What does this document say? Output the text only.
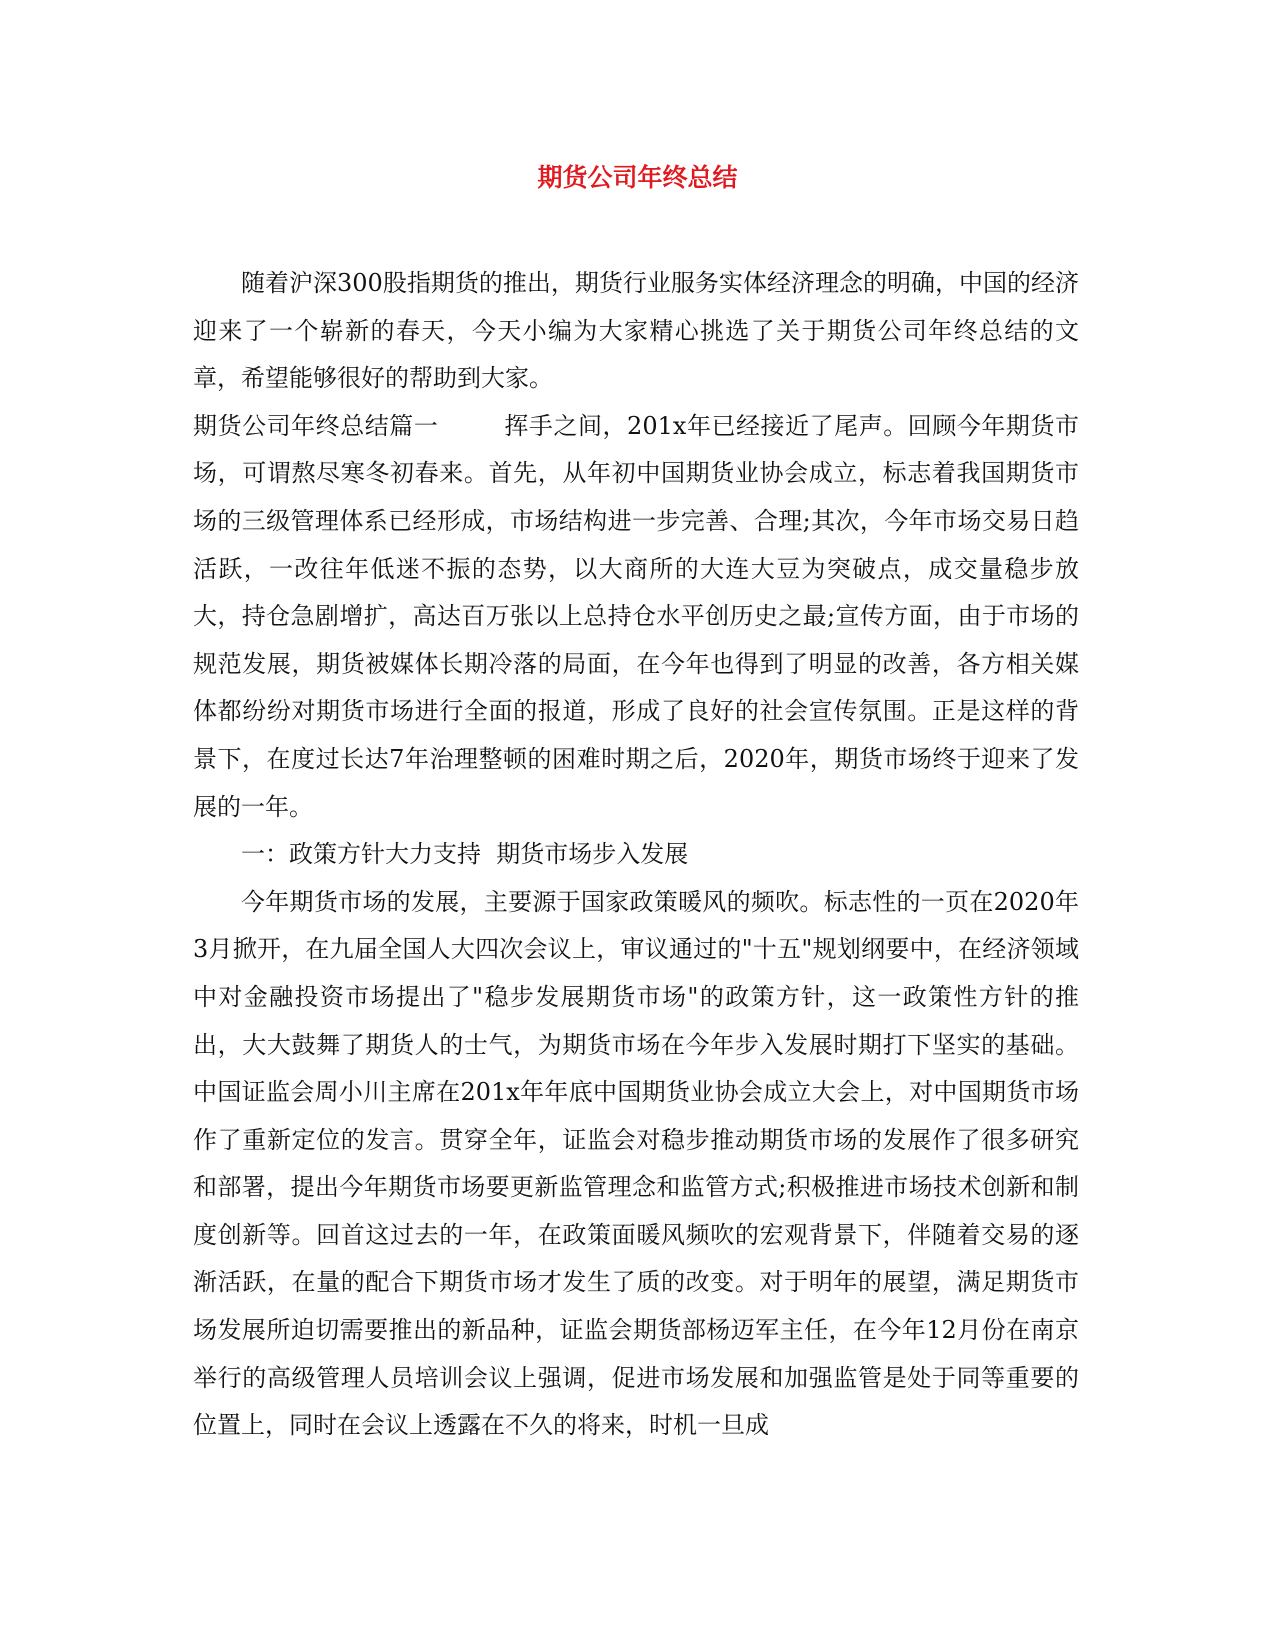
期货公司年终总结

随着沪深300股指期货的推出，期货行业服务实体经济理念的明确，中国的经济迎来了一个崭新的春天，今天小编为大家精心挑选了关于期货公司年终总结的文章，希望能够很好的帮助到大家。

期货公司年终总结篇一	挥手之间，201x年已经接近了尾声。回顾今年期货市场，可谓熬尽寒冬初春来。首先，从年初中国期货业协会成立，标志着我国期货市场的三级管理体系已经形成，市场结构进一步完善、合理;其次，今年市场交易日趋活跃，一改往年低迷不振的态势，以大商所的大连大豆为突破点，成交量稳步放大，持仓急剧增扩，高达百万张以上总持仓水平创历史之最;宣传方面，由于市场的规范发展，期货被媒体长期冷落的局面，在今年也得到了明显的改善，各方相关媒体都纷纷对期货市场进行全面的报道，形成了良好的社会宣传氛围。正是这样的背景下，在度过长达7年治理整顿的困难时期之后，2020年，期货市场终于迎来了发展的一年。

一：政策方针大力支持  期货市场步入发展

今年期货市场的发展，主要源于国家政策暖风的频吹。标志性的一页在2020年3月掀开，在九届全国人大四次会议上，审议通过的"十五"规划纲要中，在经济领域中对金融投资市场提出了"稳步发展期货市场"的政策方针，这一政策性方针的推出，大大鼓舞了期货人的士气，为期货市场在今年步入发展时期打下坚实的基础。中国证监会周小川主席在201x年年底中国期货业协会成立大会上，对中国期货市场作了重新定位的发言。贯穿全年，证监会对稳步推动期货市场的发展作了很多研究和部署，提出今年期货市场要更新监管理念和监管方式;积极推进市场技术创新和制度创新等。回首这过去的一年，在政策面暖风频吹的宏观背景下，伴随着交易的逐渐活跃，在量的配合下期货市场才发生了质的改变。对于明年的展望，满足期货市场发展所迫切需要推出的新品种，证监会期货部杨迈军主任，在今年12月份在南京举行的高级管理人员培训会议上强调，促进市场发展和加强监管是处于同等重要的位置上，同时在会议上透露在不久的将来，时机一旦成
